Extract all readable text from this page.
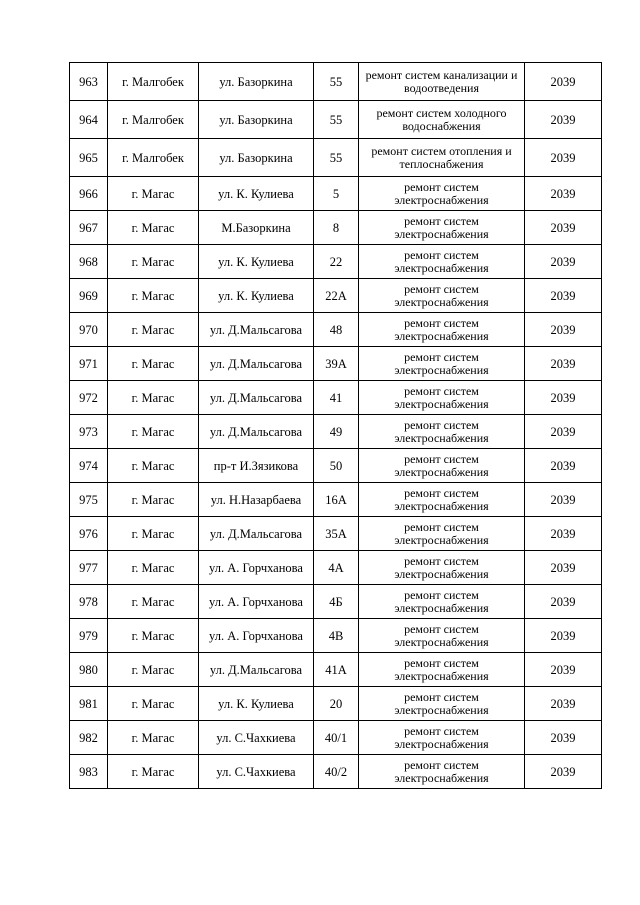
963	г. Малгобек	ул. Базоркина	55	ремонт систем канализации и водоотведения	2039
964	г. Малгобек	ул. Базоркина	55	ремонт систем холодного водоснабжения	2039
965	г. Малгобек	ул. Базоркина	55	ремонт систем отопления и теплоснабжения	2039
966	г. Магас	ул. К. Кулиева	5	ремонт систем электроснабжения	2039
967	г. Магас	М.Базоркина	8	ремонт систем электроснабжения	2039
968	г. Магас	ул. К. Кулиева	22	ремонт систем электроснабжения	2039
969	г. Магас	ул. К. Кулиева	22А	ремонт систем электроснабжения	2039
970	г. Магас	ул. Д.Мальсагова	48	ремонт систем электроснабжения	2039
971	г. Магас	ул. Д.Мальсагова	39А	ремонт систем электроснабжения	2039
972	г. Магас	ул. Д.Мальсагова	41	ремонт систем электроснабжения	2039
973	г. Магас	ул. Д.Мальсагова	49	ремонт систем электроснабжения	2039
974	г. Магас	пр-т И.Зязикова	50	ремонт систем электроснабжения	2039
975	г. Магас	ул. Н.Назарбаева	16А	ремонт систем электроснабжения	2039
976	г. Магас	ул. Д.Мальсагова	35А	ремонт систем электроснабжения	2039
977	г. Магас	ул. А. Горчханова	4А	ремонт систем электроснабжения	2039
978	г. Магас	ул. А. Горчханова	4Б	ремонт систем электроснабжения	2039
979	г. Магас	ул. А. Горчханова	4В	ремонт систем электроснабжения	2039
980	г. Магас	ул. Д.Мальсагова	41А	ремонт систем электроснабжения	2039
981	г. Магас	ул. К. Кулиева	20	ремонт систем электроснабжения	2039
982	г. Магас	ул. С.Чахкиева	40/1	ремонт систем электроснабжения	2039
983	г. Магас	ул. С.Чахкиева	40/2	ремонт систем электроснабжения	2039
